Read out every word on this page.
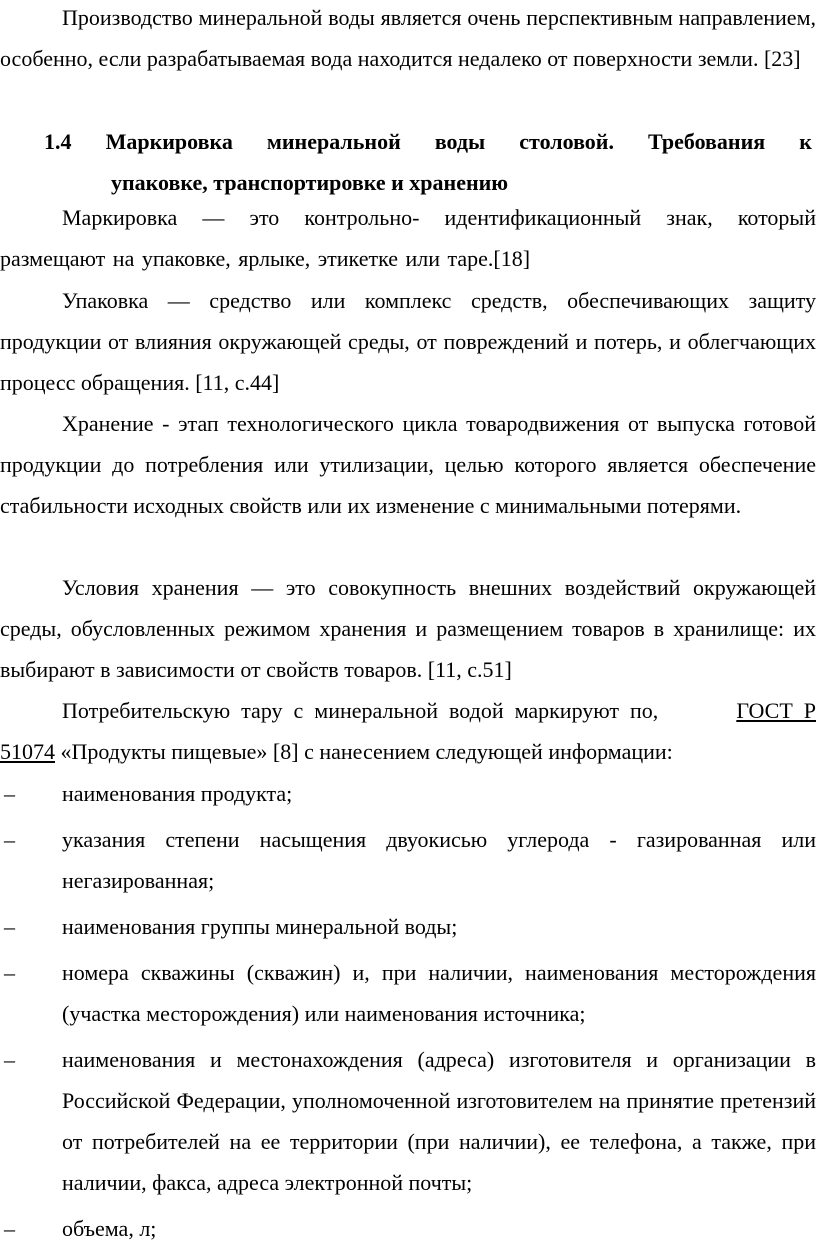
Производство минеральной воды является очень перспективным направлением, особенно, если разрабатываемая вода находится недалеко от поверхности земли. [23]

1.4 Маркировка минеральной воды столовой. Требования к
упаковке, транспортировке и хранению

Маркировка — это контрольно- идентификационный знак, который размещают на упаковке, ярлыке, этикетке или таре.[18]

Упаковка — средство или комплекс средств, обеспечивающих защиту продукции от влияния окружающей среды, от повреждений и потерь, и облегчающих процесс обращения. [11, с.44]

Хранение - этап технологического цикла товародвижения от выпуска готовой продукции до потребления или утилизации, целью которого является обеспечение стабильности исходных свойств или их изменение с минимальными потерями.

Условия хранения — это совокупность внешних воздействий окружающей среды, обусловленных режимом хранения и размещением товаров в хранилище: их выбирают в зависимости от свойств товаров. [11, с.51]

Потребительскую тару с минеральной водой маркируют по,	ГОСТ Р 51074 «Продукты пищевые» [8] с нанесением следующей информации:

– наименования продукта;
– указания степени насыщения двуокисью углерода - газированная или негазированная;
– наименования группы минеральной воды;
– номера скважины (скважин) и, при наличии, наименования месторождения (участка месторождения) или наименования источника;
– наименования и местонахождения (адреса) изготовителя и организации в Российской Федерации, уполномоченной изготовителем на принятие претензий от потребителей на ее территории (при наличии), ее телефона, а также, при наличии, факса, адреса электронной почты;
– объема, л;
